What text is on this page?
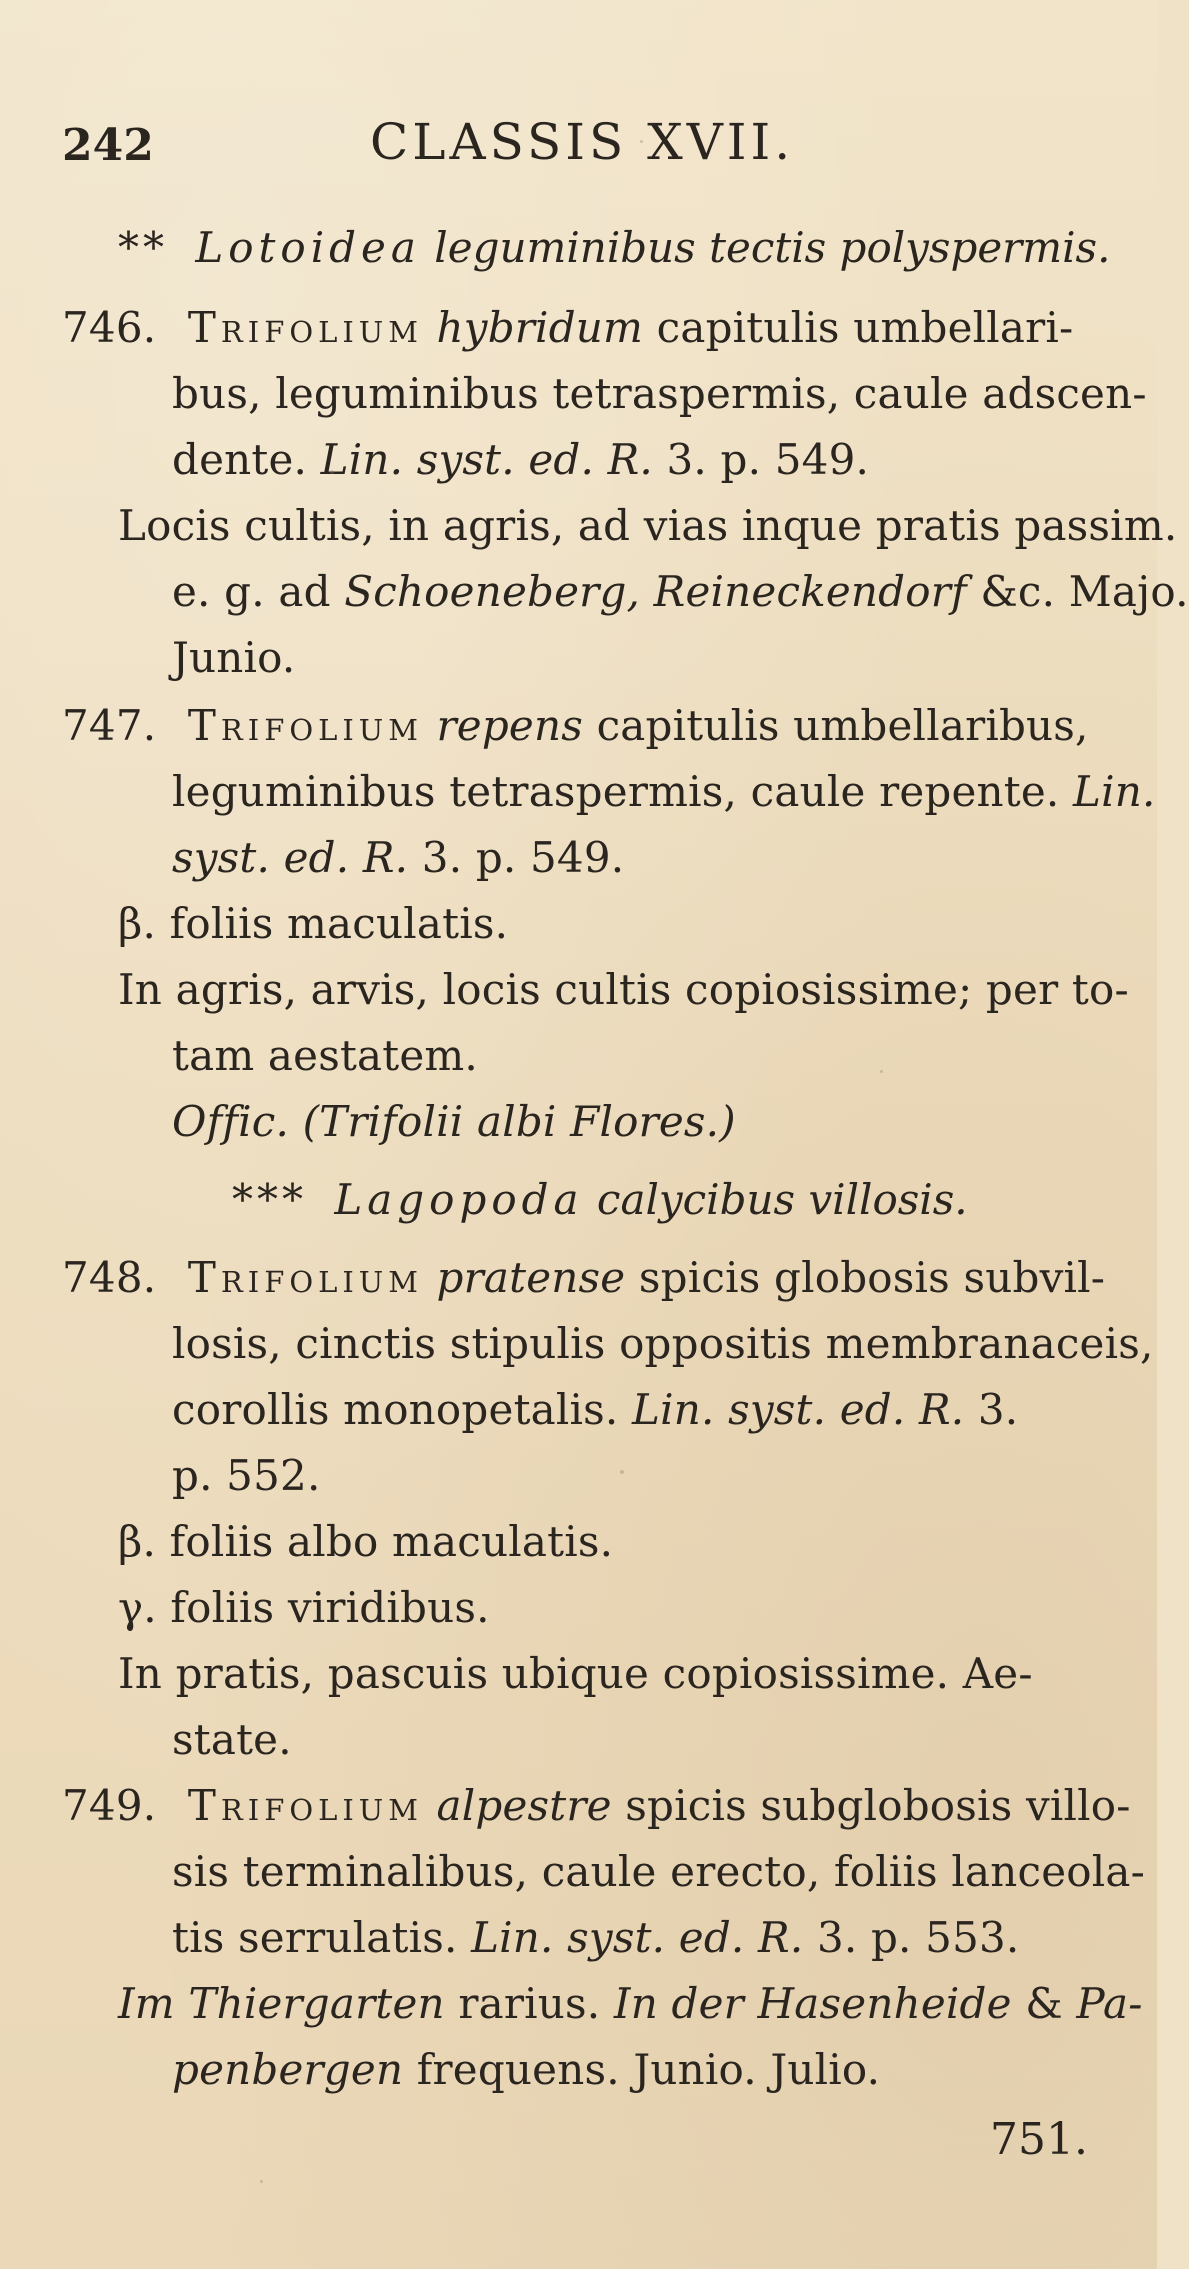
242	CLASSIS XVII.
** Lotoidea leguminibus tectis polyspermis.
746. Trifolium hybridum capitulis umbellari-
bus, leguminibus tetraspermis, caule adscen-
dente. Lin. syst. ed. R. 3. p. 549.
Locis cultis, in agris, ad vias inque pratis passim.
e. g. ad Schoeneberg, Reineckendorf &c. Majo.
Junio.
747. Trifolium repens capitulis umbellaribus,
leguminibus tetraspermis, caule repente. Lin.
syst. ed. R. 3. p. 549.
β. foliis maculatis.
In agris, arvis, locis cultis copiosissime; per to-
tam aestatem.
Offic. (Trifolii albi Flores.)
*** Lagopoda calycibus villosis.
748. Trifolium pratense spicis globosis subvil-
losis, cinctis stipulis oppositis membranaceis,
corollis monopetalis. Lin. syst. ed. R. 3.
p. 552.
β. foliis albo maculatis.
γ. foliis viridibus.
In pratis, pascuis ubique copiosissime. Ae-
state.
749. Trifolium alpestre spicis subglobosis villo-
sis terminalibus, caule erecto, foliis lanceola-
tis serrulatis. Lin. syst. ed. R. 3. p. 553.
Im Thiergarten rarius. In der Hasenheide & Pa-
penbergen frequens. Junio. Julio.
751.
